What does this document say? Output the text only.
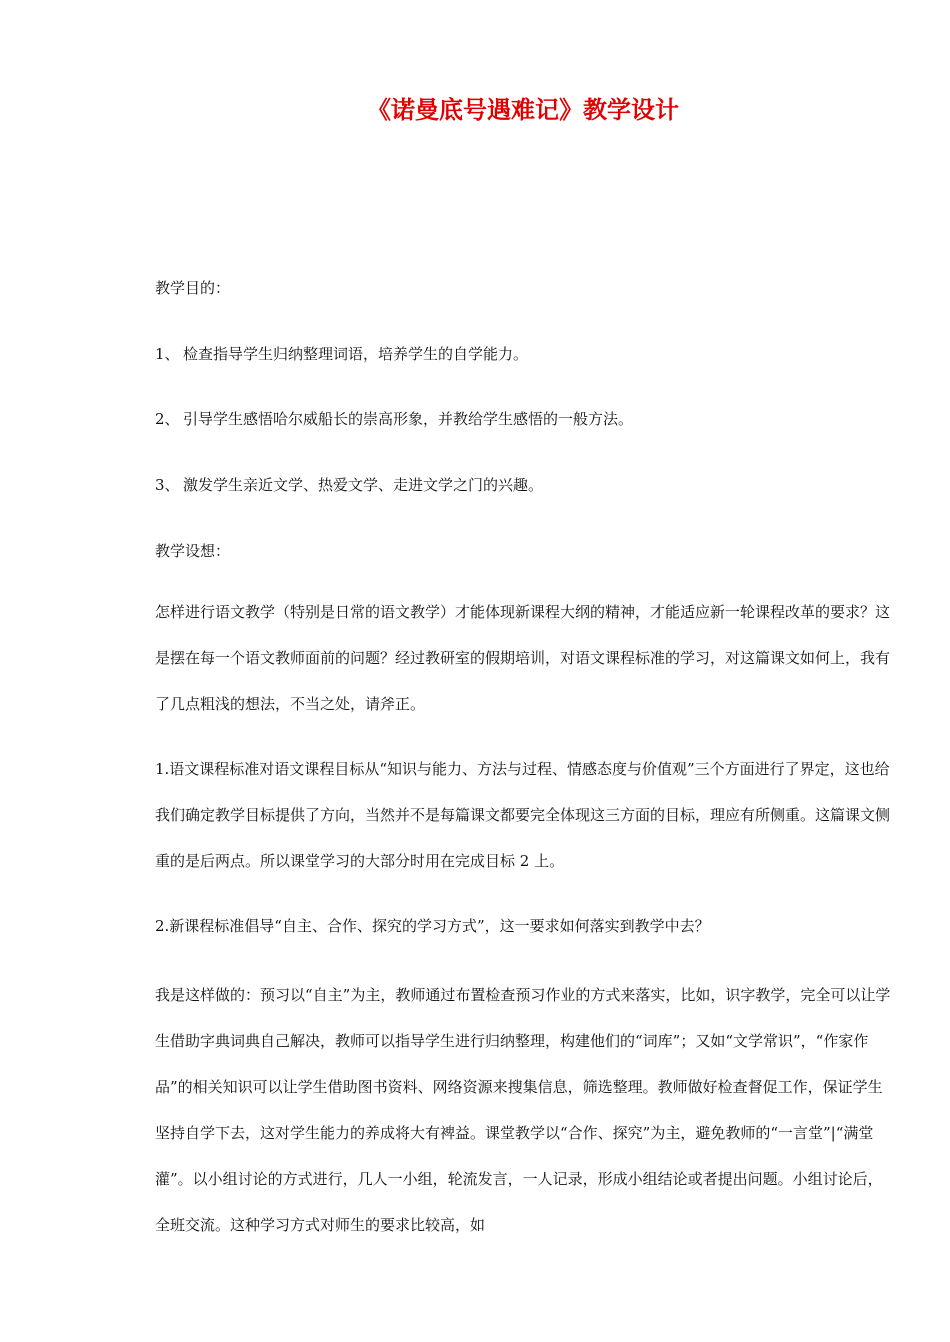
《诺曼底号遇难记》教学设计

教学目的：

1、 检查指导学生归纳整理词语，培养学生的自学能力。

2、 引导学生感悟哈尔威船长的崇高形象，并教给学生感悟的一般方法。

3、 激发学生亲近文学、热爱文学、走进文学之门的兴趣。

教学设想：

怎样进行语文教学（特别是日常的语文教学）才能体现新课程大纲的精神，才能适应新一轮课程改革的要求？这是摆在每一个语文教师面前的问题？经过教研室的假期培训，对语文课程标准的学习，对这篇课文如何上，我有了几点粗浅的想法，不当之处，请斧正。

1.语文课程标准对语文课程目标从“知识与能力、方法与过程、情感态度与价值观”三个方面进行了界定，这也给我们确定教学目标提供了方向，当然并不是每篇课文都要完全体现这三方面的目标，理应有所侧重。这篇课文侧重的是后两点。所以课堂学习的大部分时用在完成目标 2 上。

2.新课程标准倡导“自主、合作、探究的学习方式”，这一要求如何落实到教学中去？

我是这样做的：预习以“自主”为主，教师通过布置检查预习作业的方式来落实，比如，识字教学，完全可以让学生借助字典词典自己解决，教师可以指导学生进行归纳整理，构建他们的“词库”；又如“文学常识”，“作家作品”的相关知识可以让学生借助图书资料、网络资源来搜集信息，筛选整理。教师做好检查督促工作，保证学生坚持自学下去，这对学生能力的养成将大有裨益。课堂教学以“合作、探究”为主，避免教师的“一言堂”|“满堂灌”。以小组讨论的方式进行，几人一小组，轮流发言，一人记录，形成小组结论或者提出问题。小组讨论后，全班交流。这种学习方式对师生的要求比较高，如
